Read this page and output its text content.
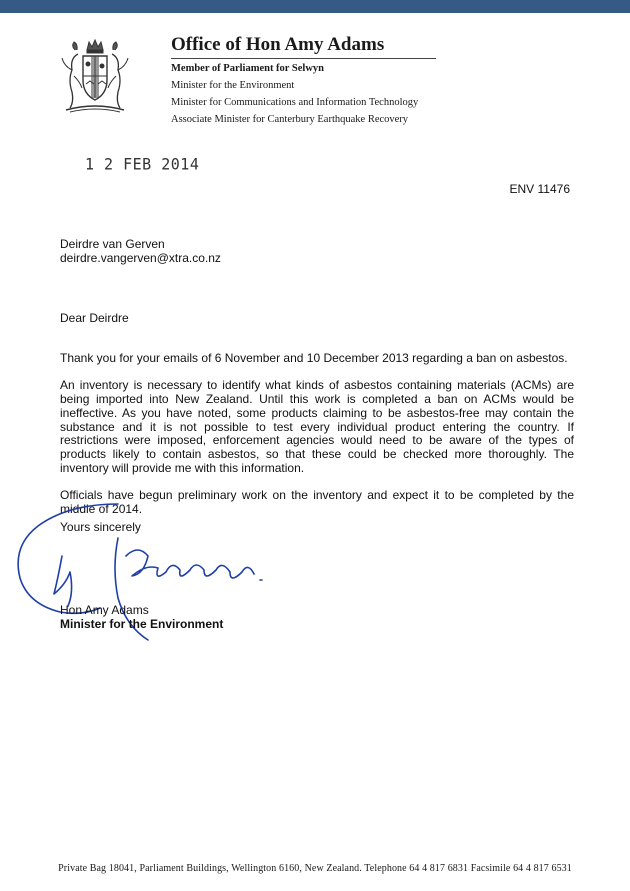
Office of Hon Amy Adams
Member of Parliament for Selwyn
Minister for the Environment
Minister for Communications and Information Technology
Associate Minister for Canterbury Earthquake Recovery
1 2 FEB 2014
ENV 11476

Deirdre van Gerven
deirdre.vangerven@xtra.co.nz

Dear Deirdre

Thank you for your emails of 6 November and 10 December 2013 regarding a ban on asbestos.

An inventory is necessary to identify what kinds of asbestos containing materials (ACMs) are being imported into New Zealand. Until this work is completed a ban on ACMs would be ineffective. As you have noted, some products claiming to be asbestos-free may contain the substance and it is not possible to test every individual product entering the country. If restrictions were imposed, enforcement agencies would need to be aware of the types of products likely to contain asbestos, so that these could be checked more thoroughly. The inventory will provide me with this information.

Officials have begun preliminary work on the inventory and expect it to be completed by the middle of 2014.

Yours sincerely
Hon Amy Adams
Minister for the Environment
Private Bag 18041, Parliament Buildings, Wellington 6160, New Zealand. Telephone 64 4 817 6831 Facsimile 64 4 817 6531
